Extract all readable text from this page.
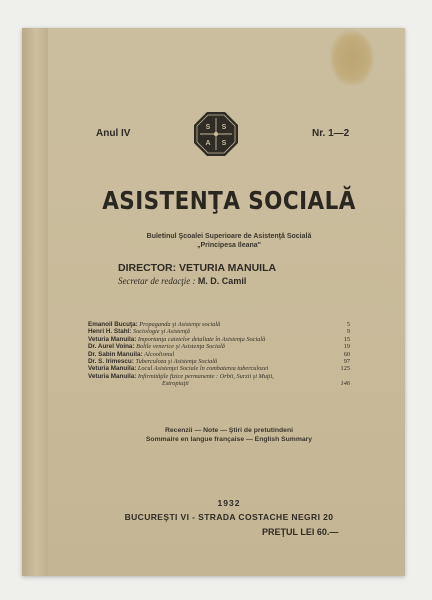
Anul IV	Nr. 1—2
S S
A S
ASISTENŢA SOCIALĂ
Buletinul Şcoalei Superioare de Asistenţă Socială
„Principesa Ileana"
DIRECTOR: VETURIA MANUILA
Secretar de redacţie : M. D. Camil
Emanoil Bucuţa: Propaganda şi Asistenţe socială	5
Henri H. Stahl: Sociologie şi Asistenţă	9
Veturia Manuila: Importanţa caietelor detaliate în Asistenţa Socială	15
Dr. Aurel Voina: Bolile venerice şi Asistenţa Socială	19
Dr. Sabin Manuila: Alcoolismul	60
Dr. S. Irimescu: Tuberculoza şi Asistenţa Socială	97
Veturia Manuila: Locul Asistenţei Sociale în combaterea tuberculozei	125
Veturia Manuila: Infirmităţile fizice permanente : Orbii, Surzii şi Muţii,
Estropiaţii	146
Recenzii — Note — Ştiri de pretutindeni
Sommaire en langue française — English Summary
1932
BUCUREŞTI VI - STRADA COSTACHE NEGRI 20
PREŢUL LEI 60.—
